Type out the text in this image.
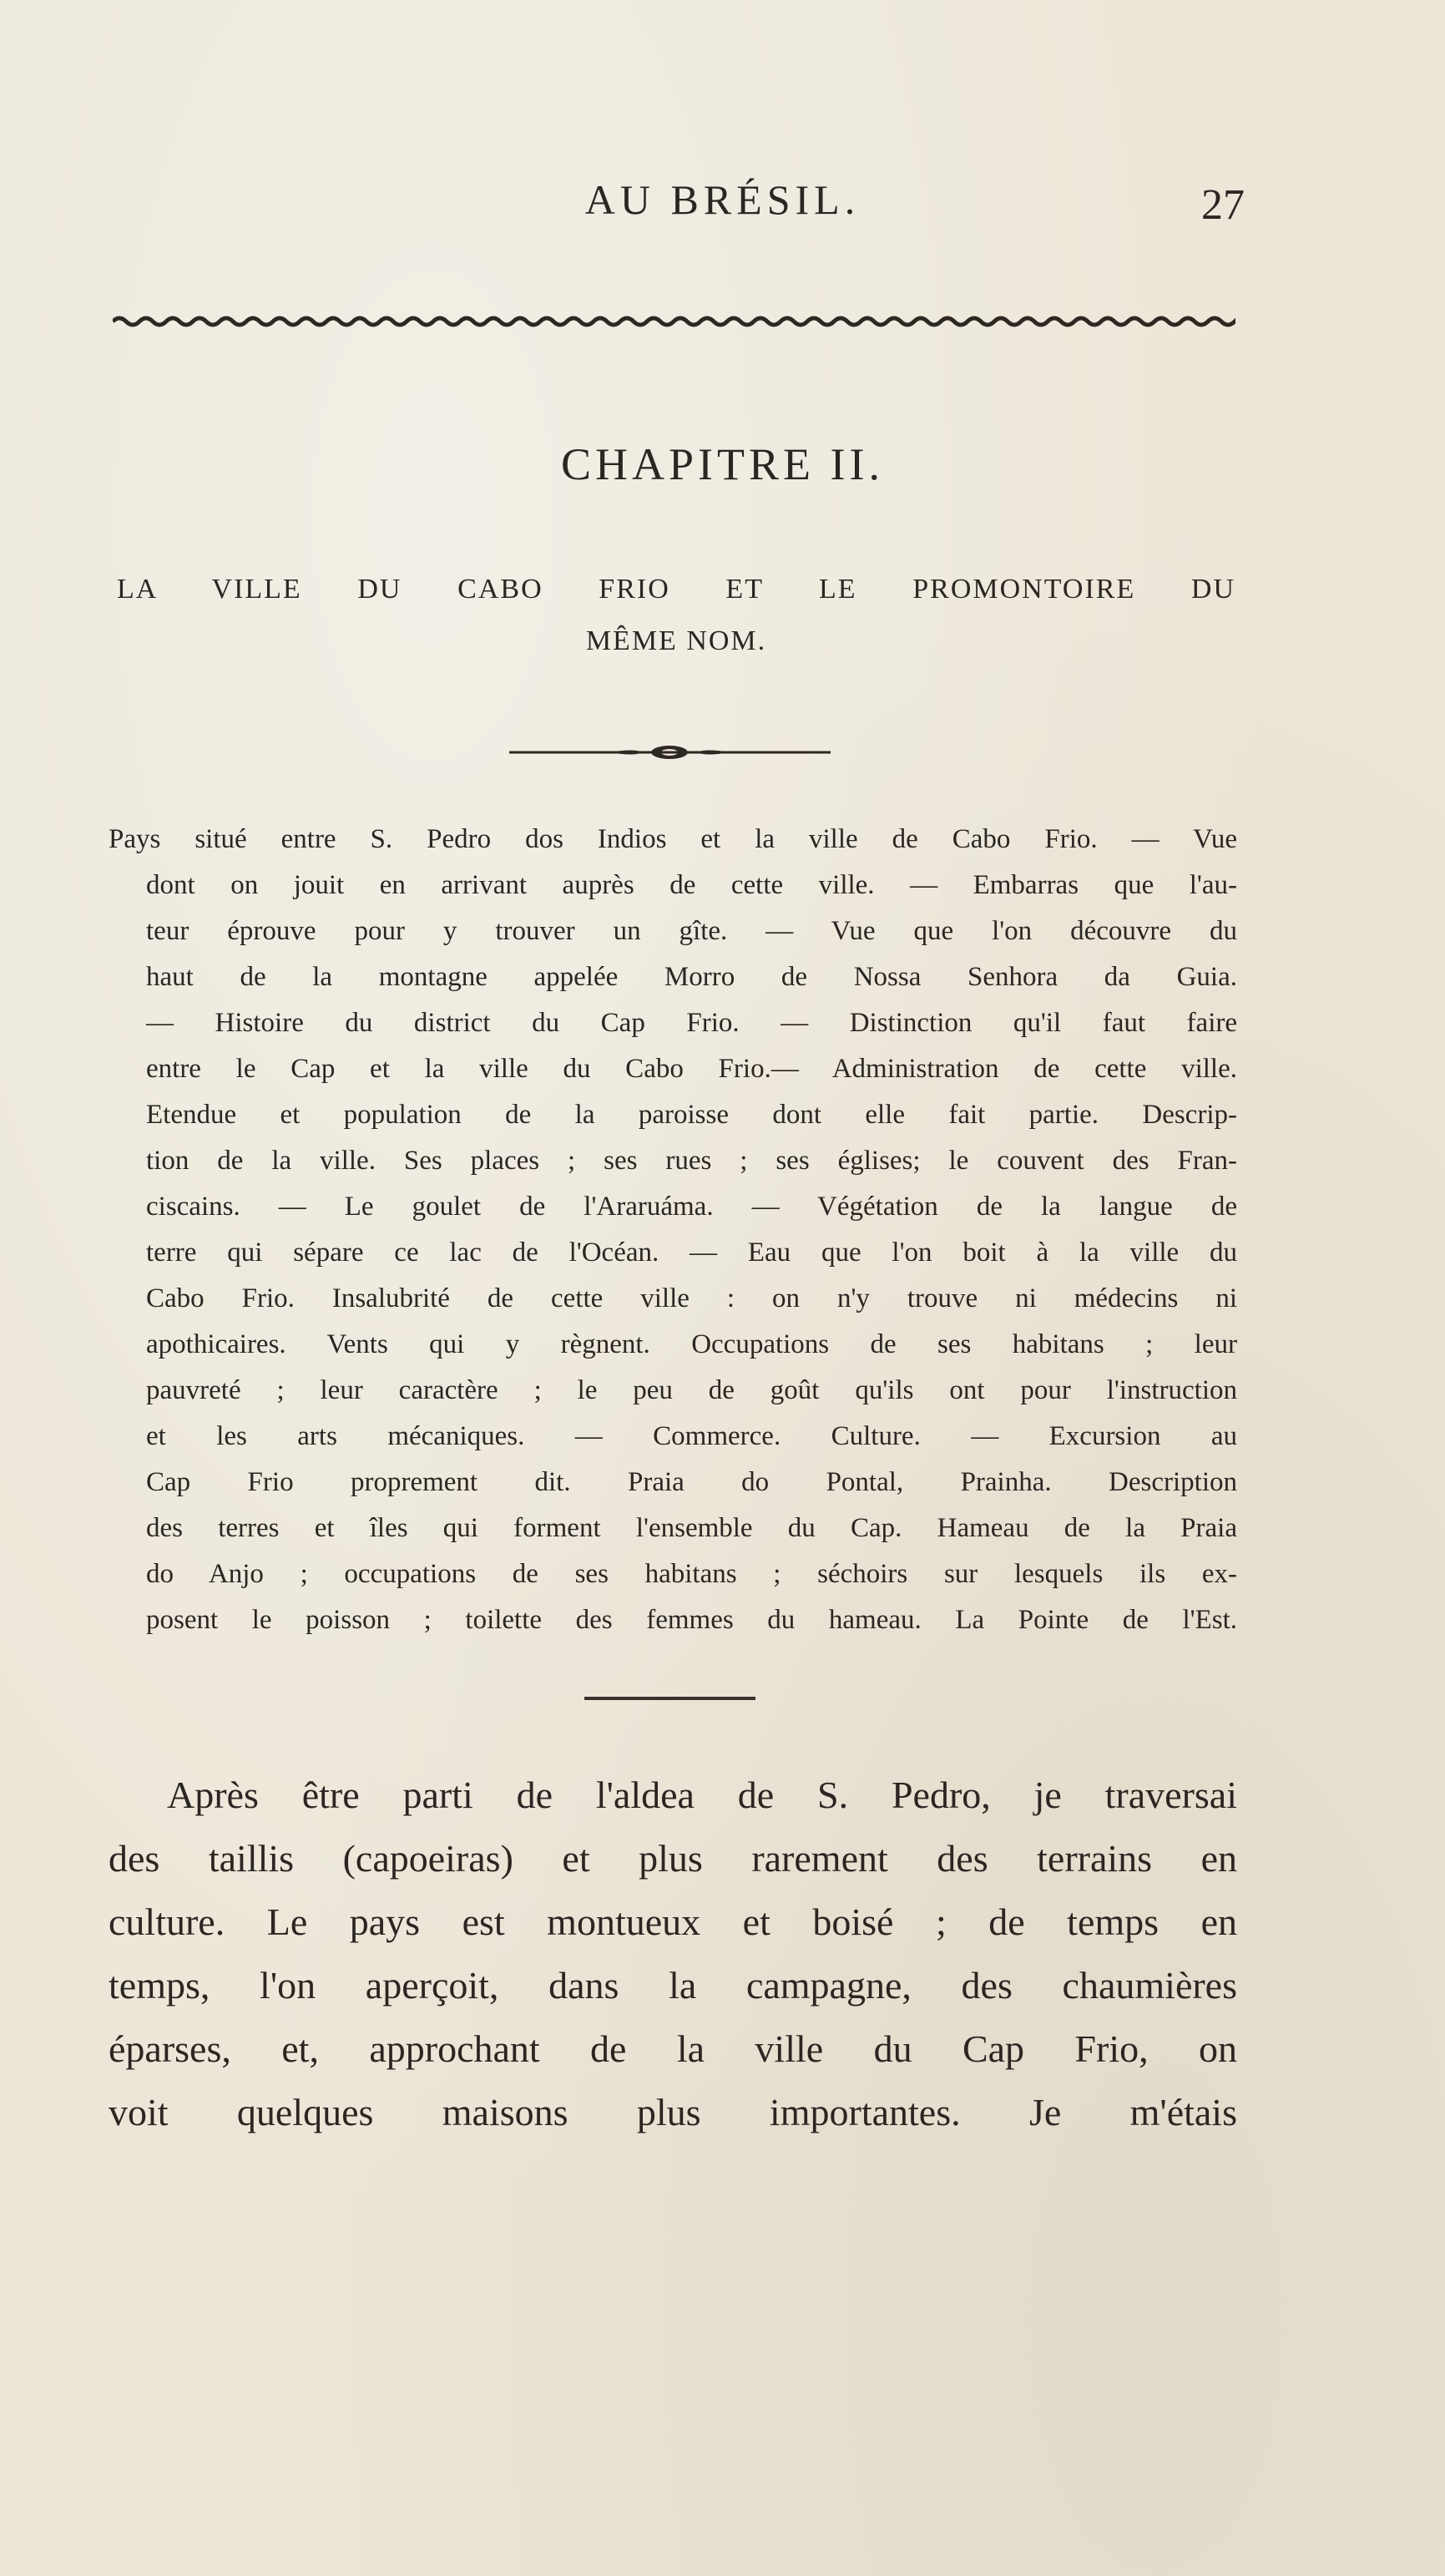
AU BRÉSIL.	27
CHAPITRE II.
LA VILLE DU CABO FRIO ET LE PROMONTOIRE DU
MÊME NOM.
Pays situé entre S. Pedro dos Indios et la ville de Cabo Frio. — Vue
dont on jouit en arrivant auprès de cette ville. — Embarras que l'au-
teur éprouve pour y trouver un gîte. — Vue que l'on découvre du
haut de la montagne appelée Morro de Nossa Senhora da Guia.
— Histoire du district du Cap Frio. — Distinction qu'il faut faire
entre le Cap et la ville du Cabo Frio.— Administration de cette ville.
Etendue et population de la paroisse dont elle fait partie. Descrip-
tion de la ville. Ses places ; ses rues ; ses églises; le couvent des Fran-
ciscains. — Le goulet de l'Araruáma. — Végétation de la langue de
terre qui sépare ce lac de l'Océan. — Eau que l'on boit à la ville du
Cabo Frio. Insalubrité de cette ville : on n'y trouve ni médecins ni
apothicaires. Vents qui y règnent. Occupations de ses habitans ; leur
pauvreté ; leur caractère ; le peu de goût qu'ils ont pour l'instruction
et les arts mécaniques. — Commerce. Culture. — Excursion au
Cap Frio proprement dit. Praia do Pontal, Prainha. Description
des terres et îles qui forment l'ensemble du Cap. Hameau de la Praia
do Anjo ; occupations de ses habitans ; séchoirs sur lesquels ils ex-
posent le poisson ; toilette des femmes du hameau. La Pointe de l'Est.
Après être parti de l'aldea de S. Pedro, je traversai
des taillis (capoeiras) et plus rarement des terrains en
culture. Le pays est montueux et boisé ; de temps en
temps, l'on aperçoit, dans la campagne, des chaumières
éparses, et, approchant de la ville du Cap Frio, on
voit quelques maisons plus importantes. Je m'étais
